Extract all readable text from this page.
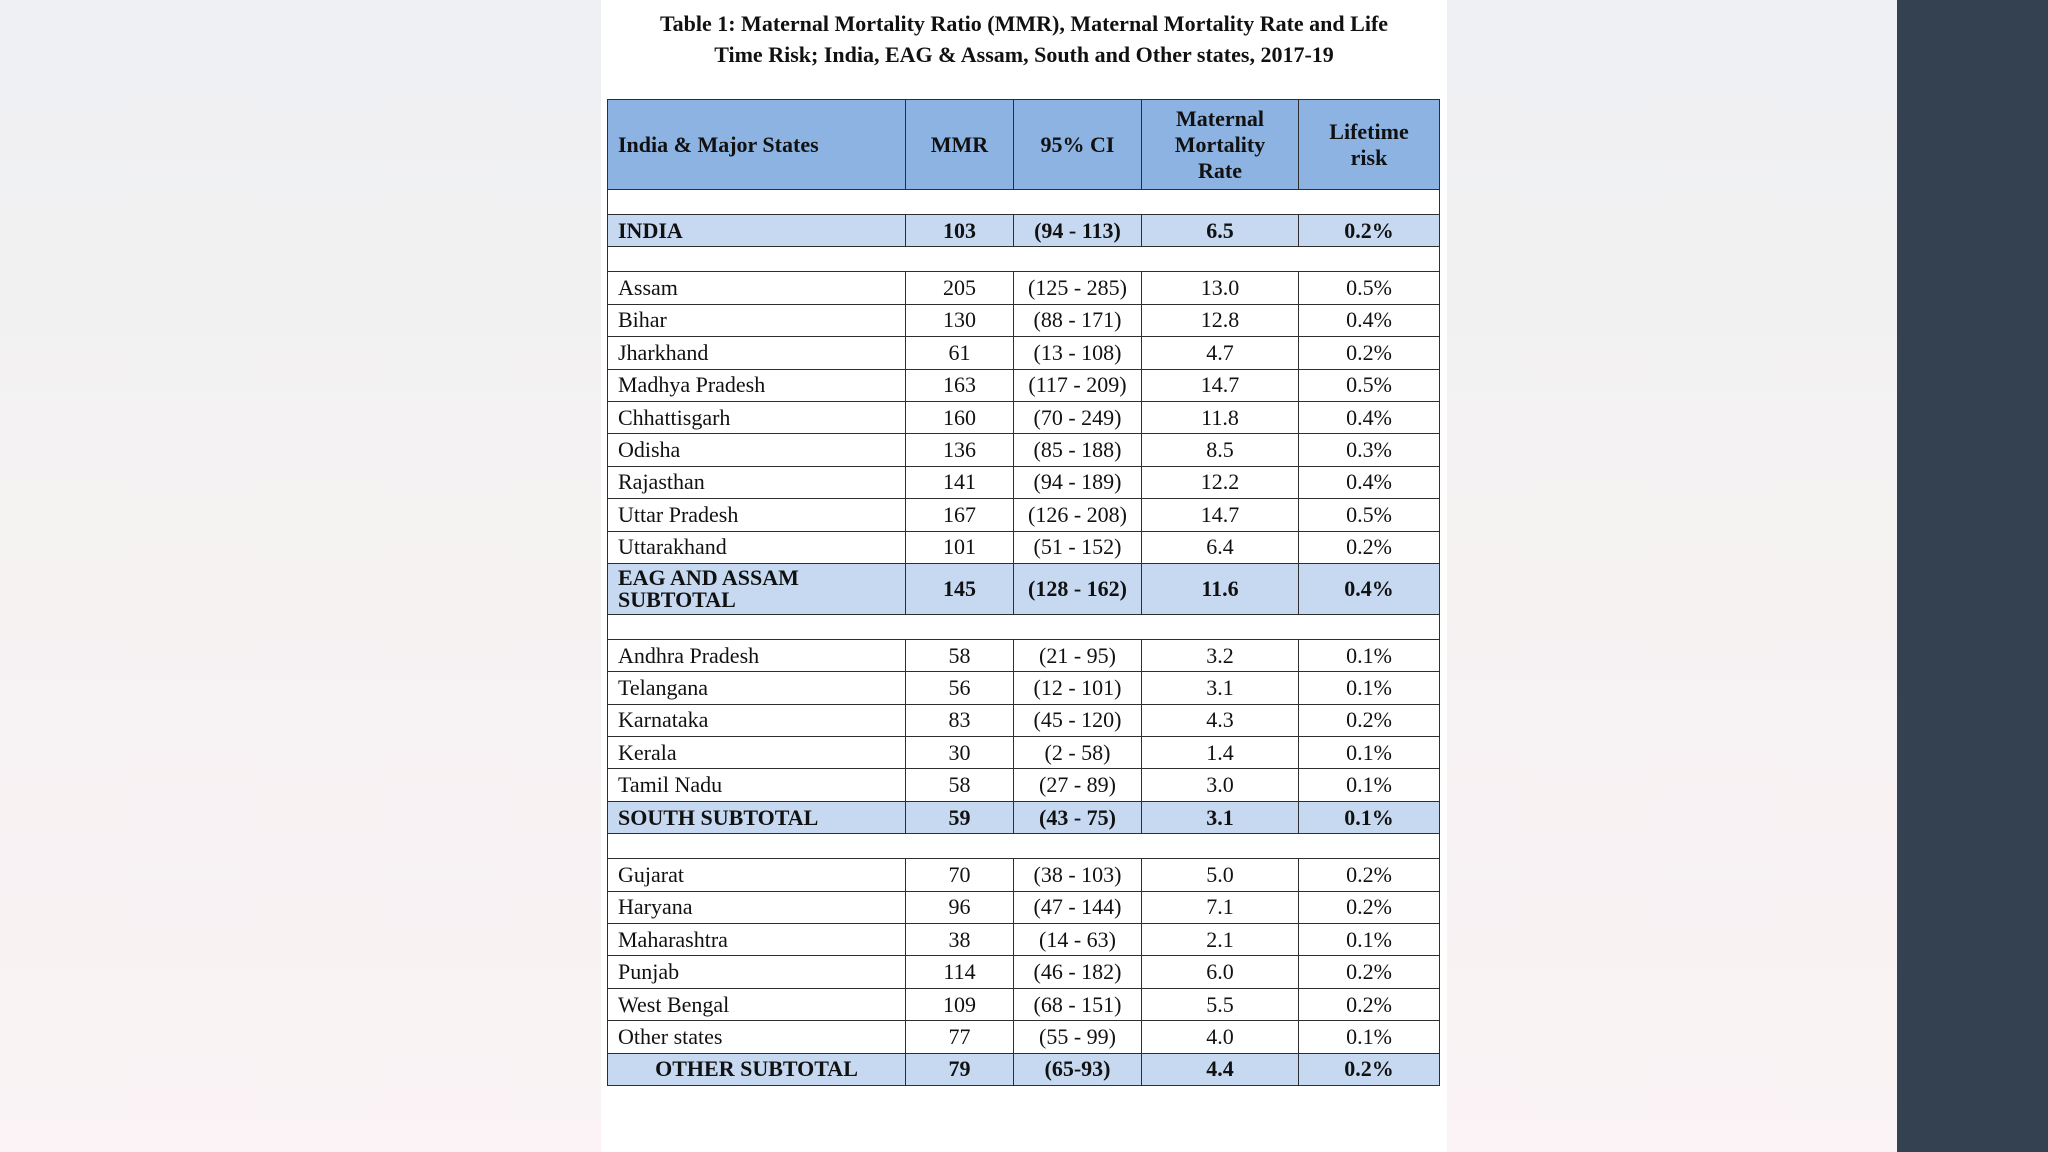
Table 1: Maternal Mortality Ratio (MMR), Maternal Mortality Rate and Life
Time Risk; India, EAG & Assam, South and Other states, 2017-19
India & Major States	MMR	95% CI	Maternal Mortality Rate	Lifetime risk

INDIA	103	(94 - 113)	6.5	0.2%

Assam	205	(125 - 285)	13.0	0.5%
Bihar	130	(88 - 171)	12.8	0.4%
Jharkhand	61	(13 - 108)	4.7	0.2%
Madhya Pradesh	163	(117 - 209)	14.7	0.5%
Chhattisgarh	160	(70 - 249)	11.8	0.4%
Odisha	136	(85 - 188)	8.5	0.3%
Rajasthan	141	(94 - 189)	12.2	0.4%
Uttar Pradesh	167	(126 - 208)	14.7	0.5%
Uttarakhand	101	(51 - 152)	6.4	0.2%
EAG AND ASSAM SUBTOTAL	145	(128 - 162)	11.6	0.4%

Andhra Pradesh	58	(21 - 95)	3.2	0.1%
Telangana	56	(12 - 101)	3.1	0.1%
Karnataka	83	(45 - 120)	4.3	0.2%
Kerala	30	(2 - 58)	1.4	0.1%
Tamil Nadu	58	(27 - 89)	3.0	0.1%
SOUTH SUBTOTAL	59	(43 - 75)	3.1	0.1%

Gujarat	70	(38 - 103)	5.0	0.2%
Haryana	96	(47 - 144)	7.1	0.2%
Maharashtra	38	(14 - 63)	2.1	0.1%
Punjab	114	(46 - 182)	6.0	0.2%
West Bengal	109	(68 - 151)	5.5	0.2%
Other states	77	(55 - 99)	4.0	0.1%
OTHER SUBTOTAL	79	(65-93)	4.4	0.2%
